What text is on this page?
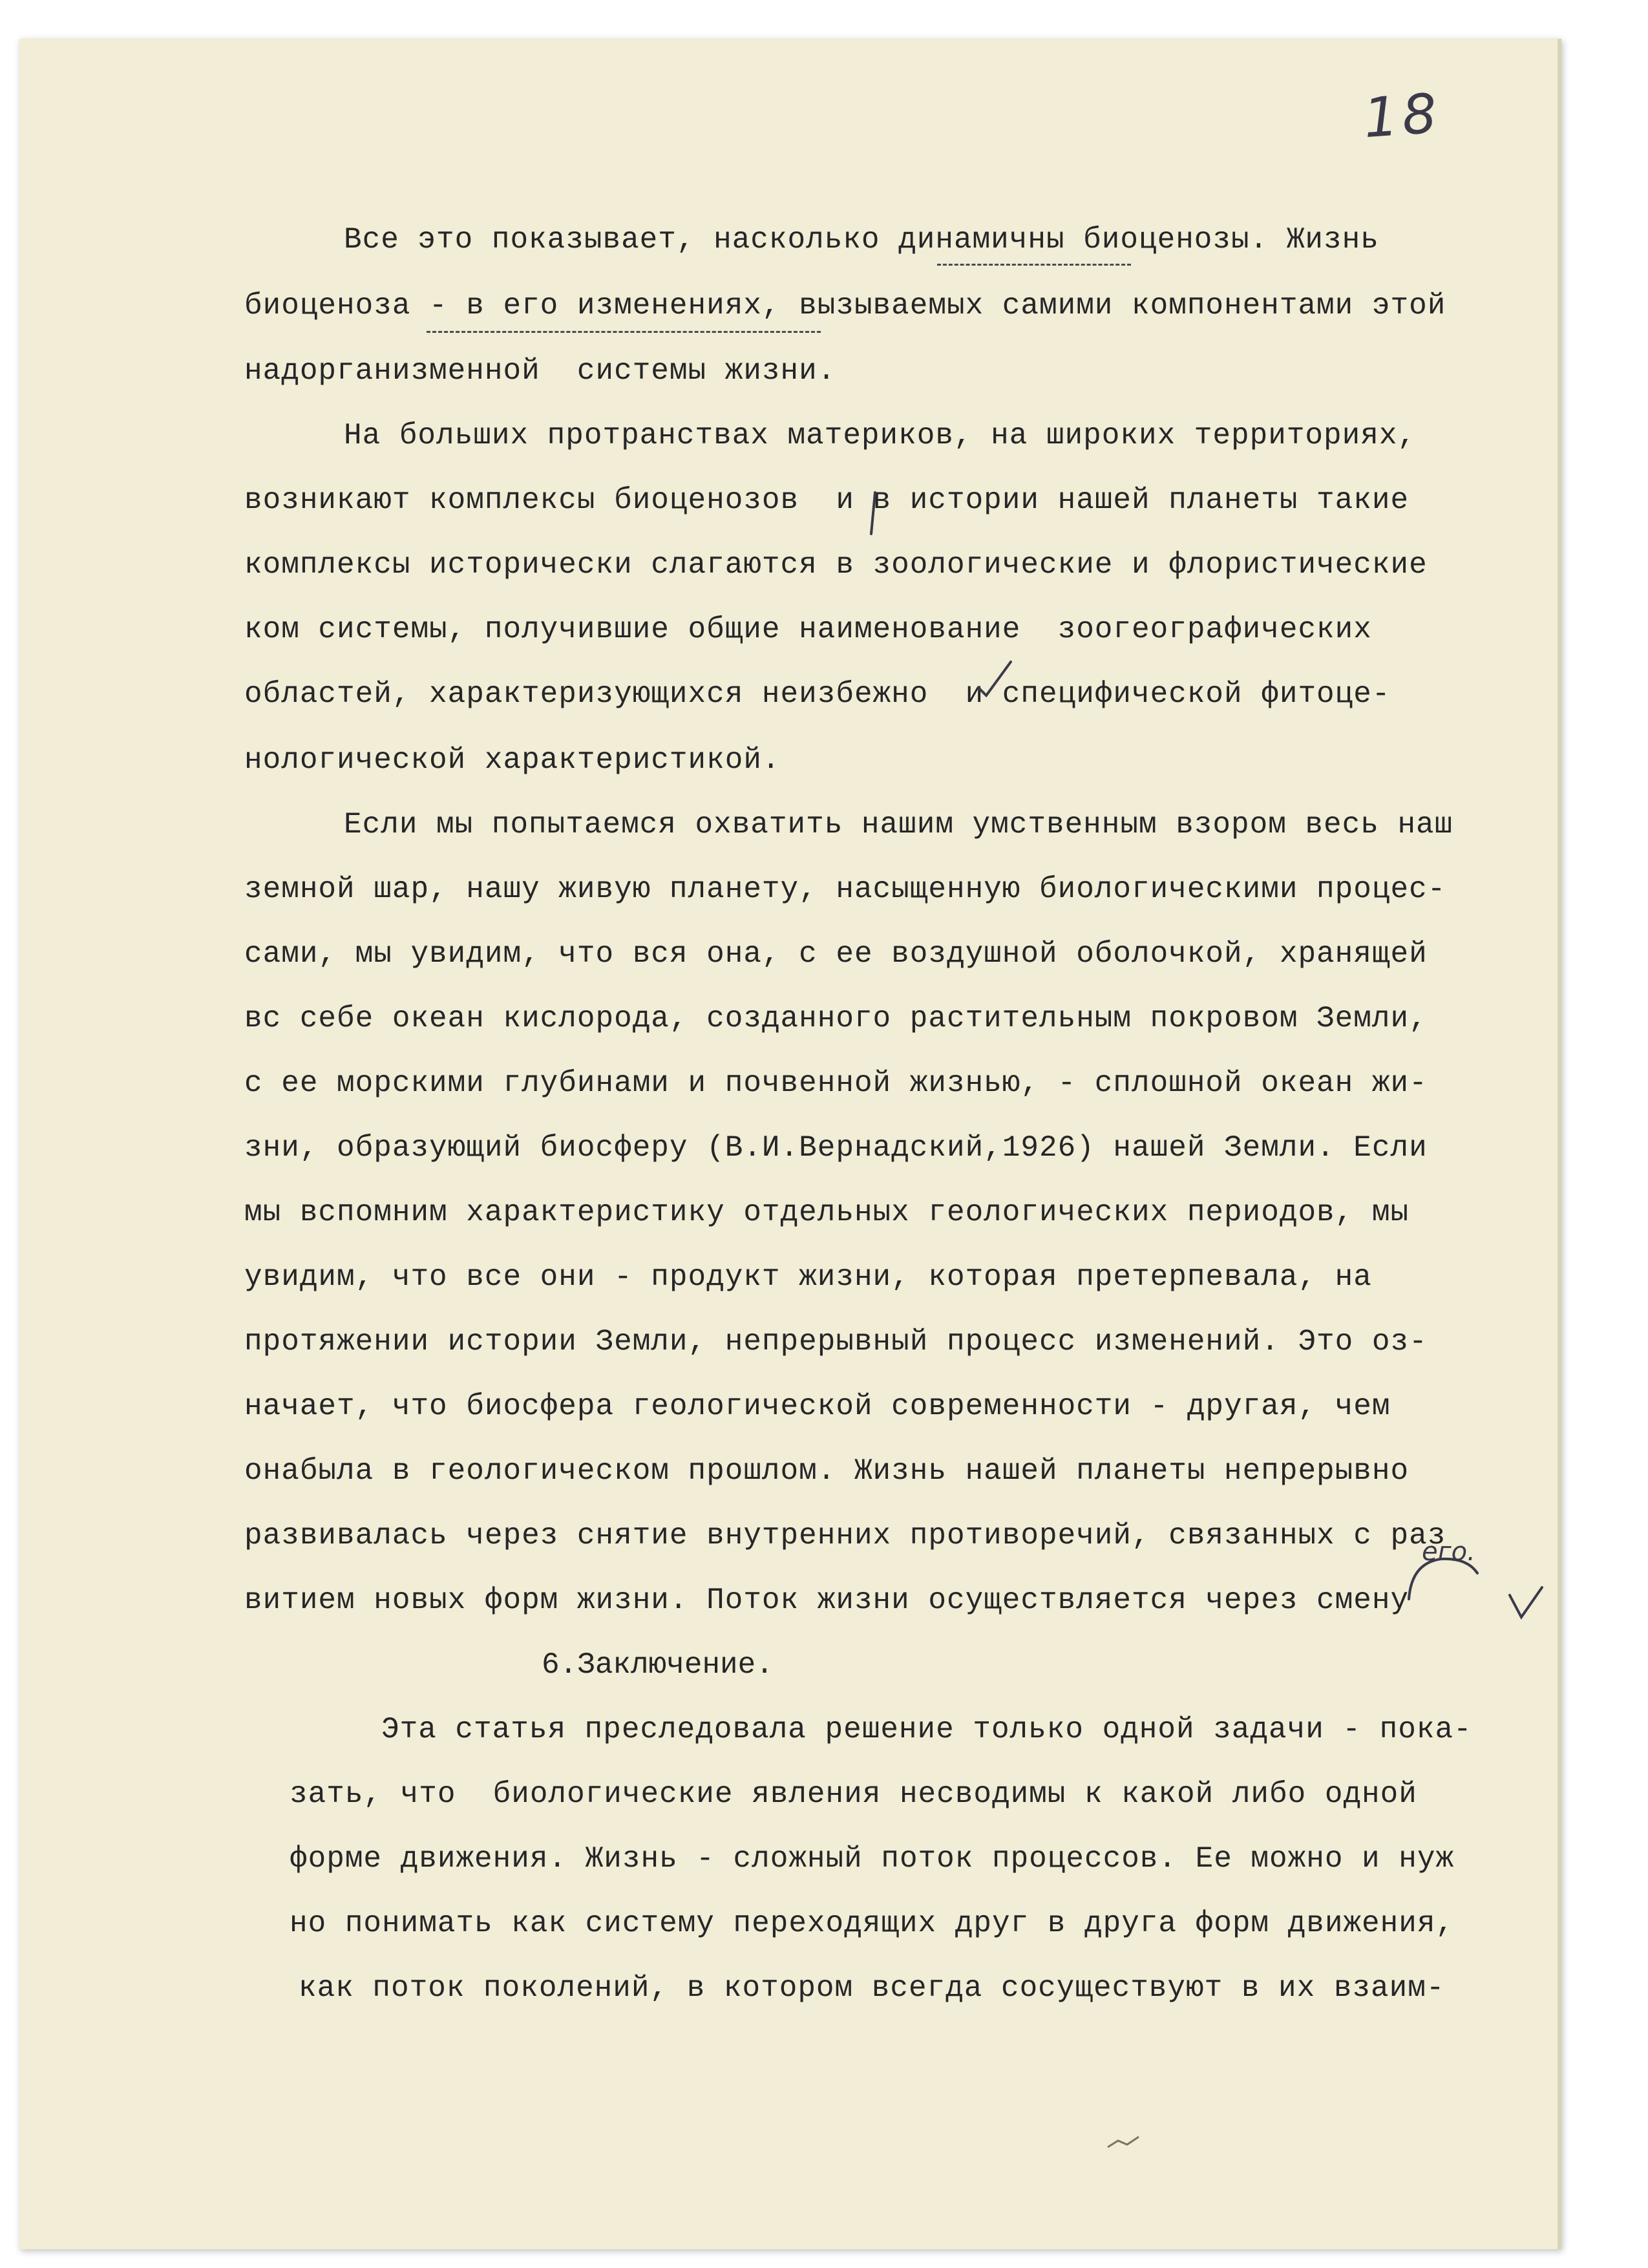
18
Все это показывает, насколько динамичны биоценозы. Жизнь
биоценоза - в его изменениях, вызываемых самими компонентами этой
надорганизменной  системы жизни.
На больших протранствах материков, на широких территориях,
возникают комплексы биоценозов  и в истории нашей планеты такие
комплексы исторически слагаются в зоологические и флористические
ком системы, получившие общие наименование  зоогеографических
областей, характеризующихся неизбежно  и специфической фитоце-
нологической характеристикой.
Если мы попытаемся охватить нашим умственным взором весь наш
земной шар, нашу живую планету, насыщенную биологическими процес-
сами, мы увидим, что вся она, с ее воздушной оболочкой, хранящей
вс себе океан кислорода, созданного растительным покровом Земли,
с ее морскими глубинами и почвенной жизнью, - сплошной океан жи-
зни, образующий биосферу (В.И.Вернадский,1926) нашей Земли. Если
мы вспомним характеристику отдельных геологических периодов, мы
увидим, что все они - продукт жизни, которая претерпевала, на
протяжении истории Земли, непрерывный процесс изменений. Это оз-
начает, что биосфера геологической современности - другая, чем
онабыла в геологическом прошлом. Жизнь нашей планеты непрерывно
развивалась через снятие внутренних противоречий, связанных с раз
витием новых форм жизни. Поток жизни осуществляется через смену
его.
6.Заключение.
Эта статья преследовала решение только одной задачи - пока-
зать, что  биологические явления несводимы к какой либо одной
форме движения. Жизнь - сложный поток процессов. Ее можно и нуж
но понимать как систему переходящих друг в друга форм движения,
как поток поколений, в котором всегда сосуществуют в их взаим-
